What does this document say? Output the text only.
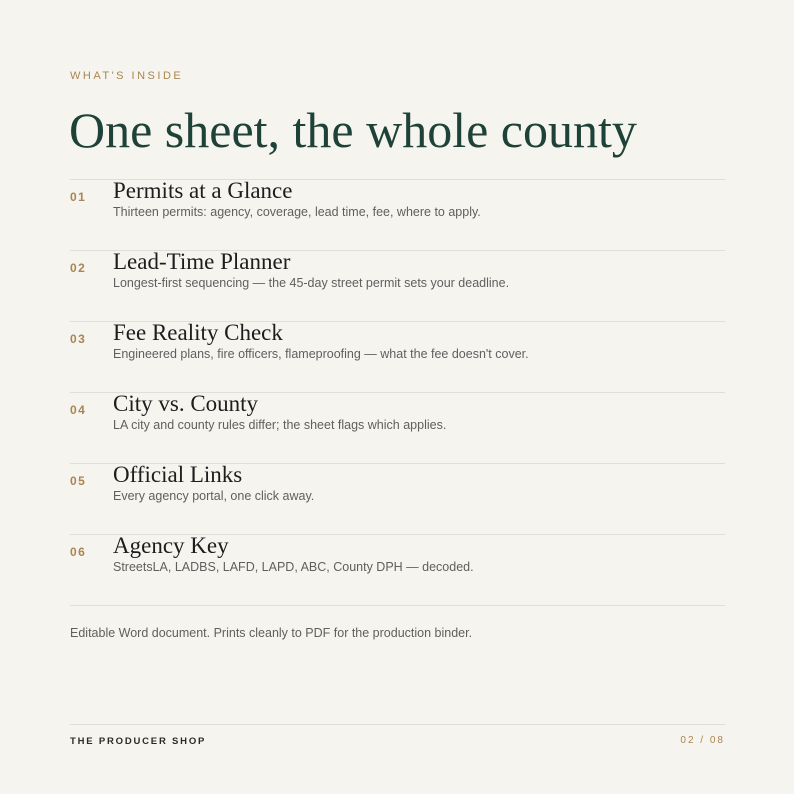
WHAT'S INSIDE
One sheet, the whole county
01 Permits at a Glance
Thirteen permits: agency, coverage, lead time, fee, where to apply.
02 Lead-Time Planner
Longest-first sequencing — the 45-day street permit sets your deadline.
03 Fee Reality Check
Engineered plans, fire officers, flameproofing — what the fee doesn't cover.
04 City vs. County
LA city and county rules differ; the sheet flags which applies.
05 Official Links
Every agency portal, one click away.
06 Agency Key
StreetsLA, LADBS, LAFD, LAPD, ABC, County DPH — decoded.
Editable Word document. Prints cleanly to PDF for the production binder.
THE PRODUCER SHOP	02 / 08
